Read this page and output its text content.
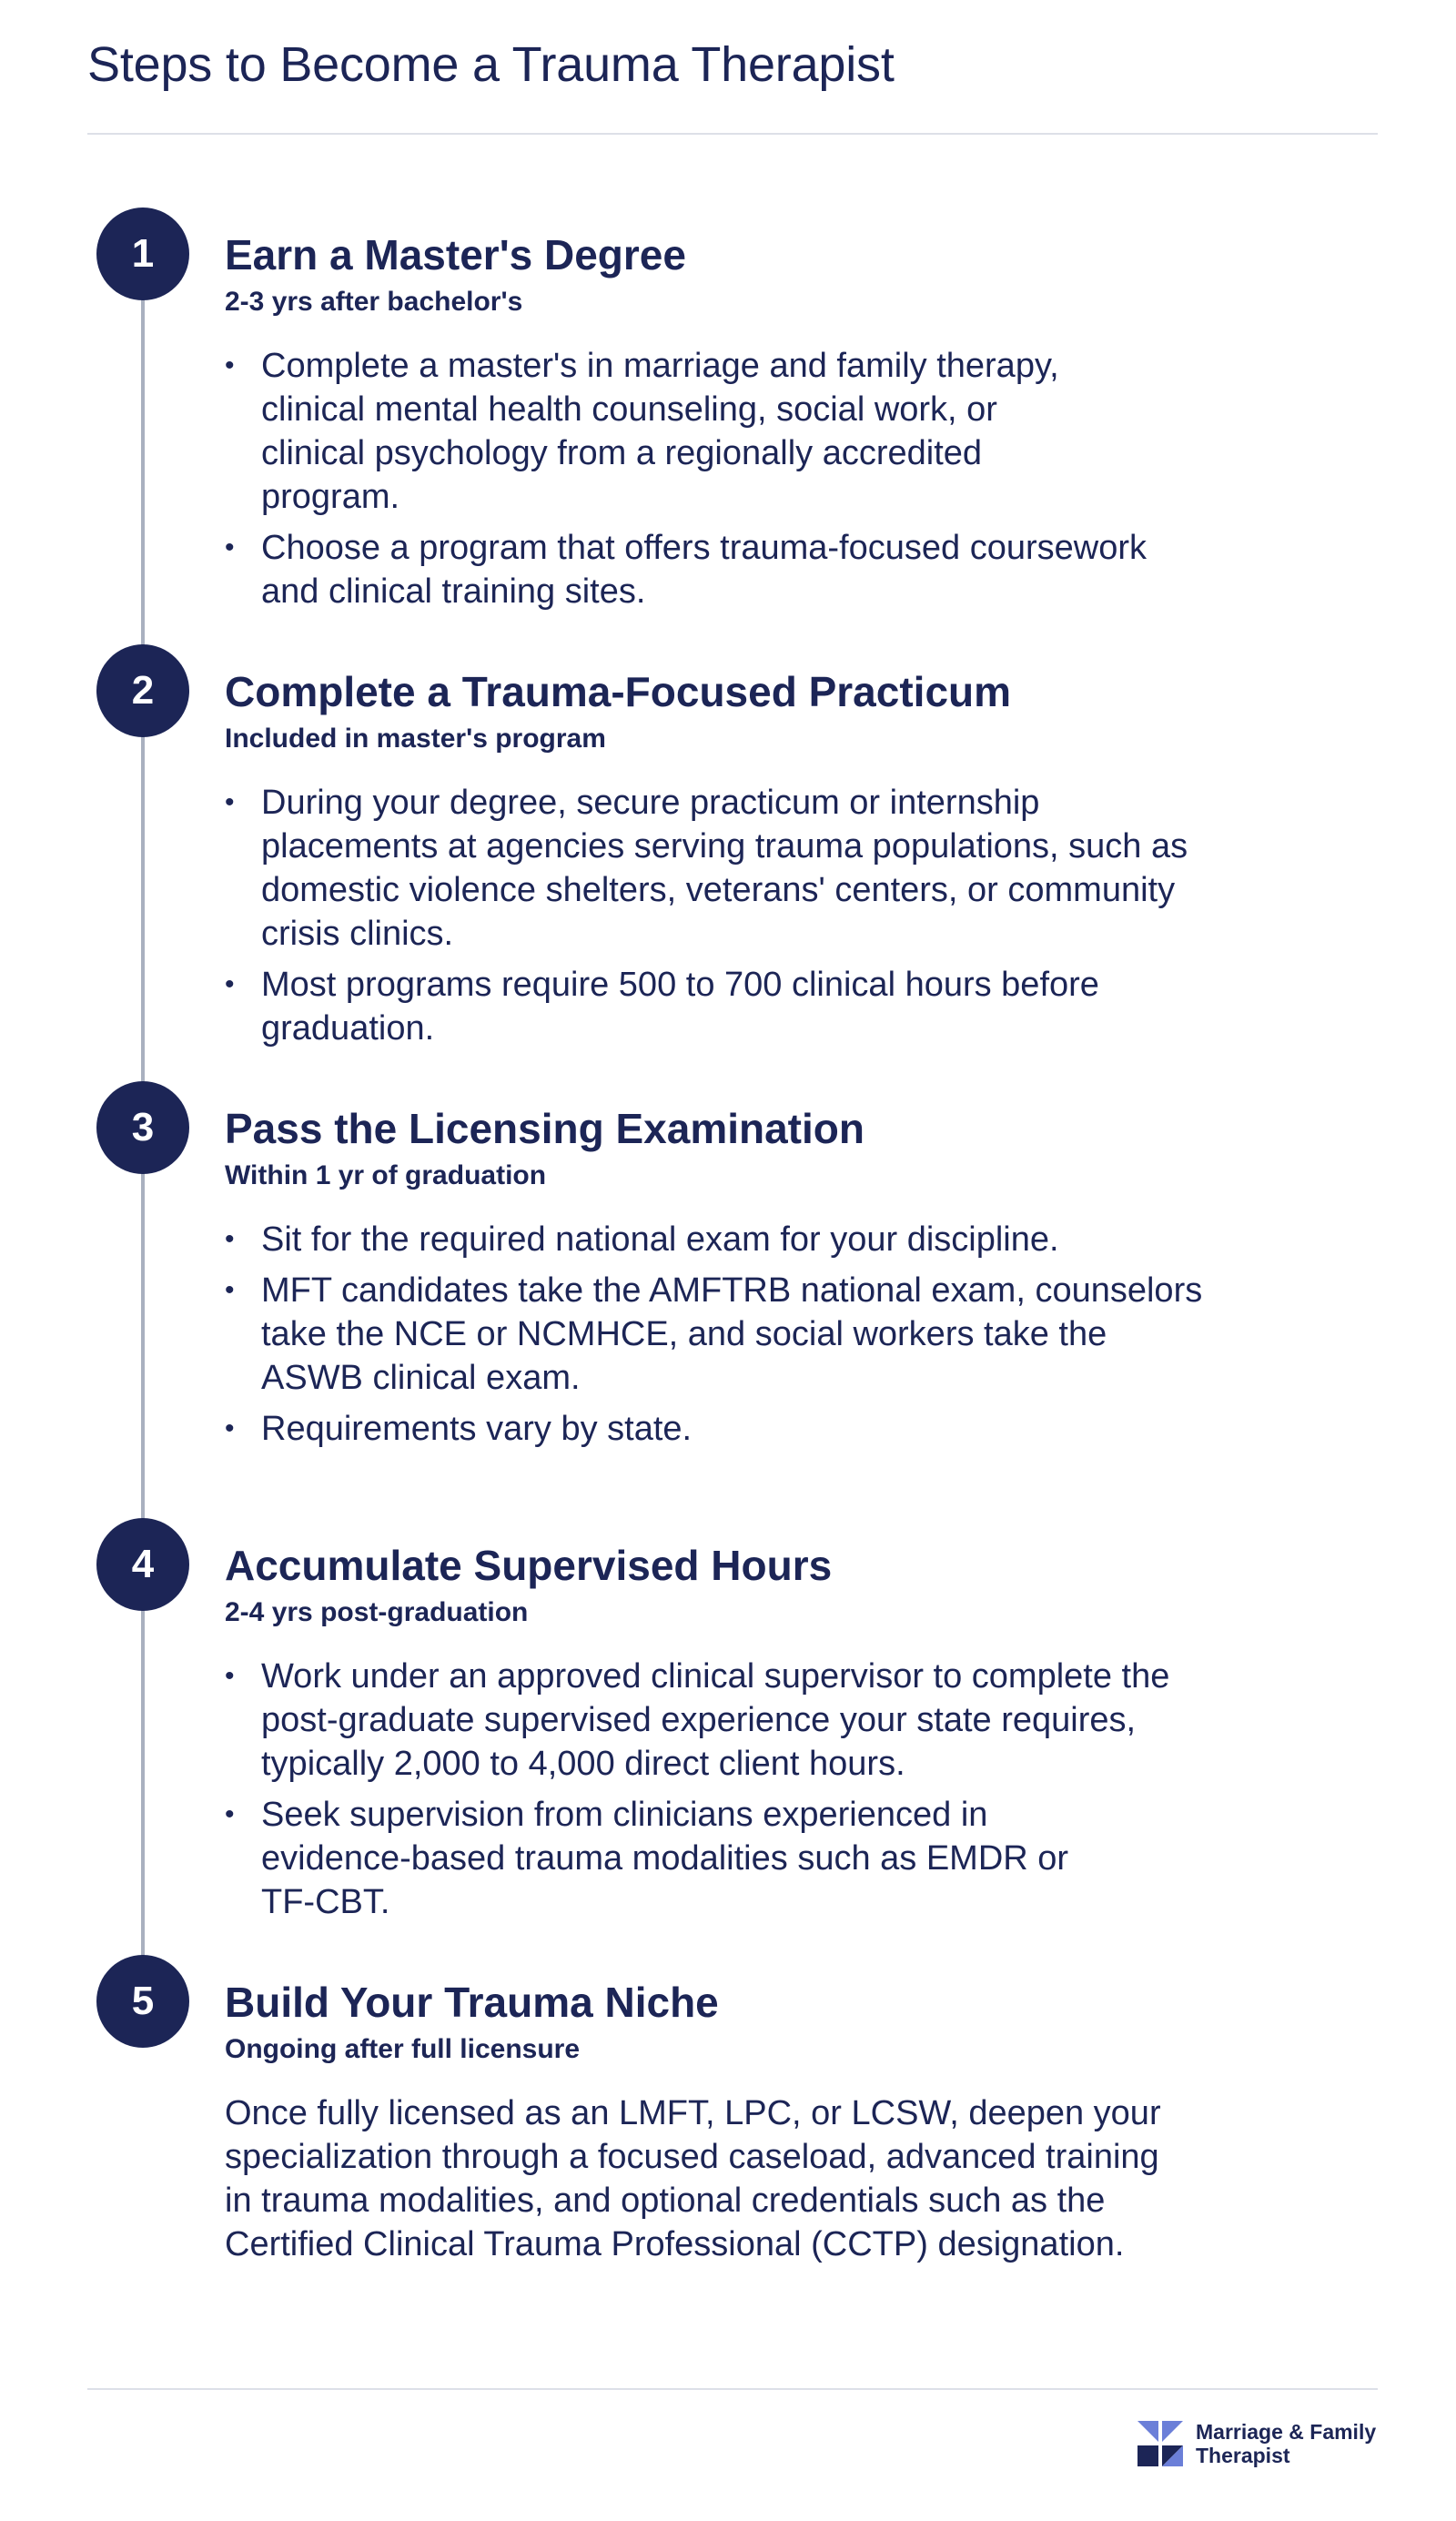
Steps to Become a Trauma Therapist
1	Earn a Master's Degree

2-3 yrs after bachelor's

• Complete a master's in marriage and family therapy, clinical mental health counseling, social work, or clinical psychology from a regionally accredited program.
• Choose a program that offers trauma-focused coursework and clinical training sites.
2	Complete a Trauma-Focused Practicum

Included in master's program

• During your degree, secure practicum or internship placements at agencies serving trauma populations, such as domestic violence shelters, veterans' centers, or community crisis clinics.
• Most programs require 500 to 700 clinical hours before graduation.
3	Pass the Licensing Examination

Within 1 yr of graduation

• Sit for the required national exam for your discipline.
• MFT candidates take the AMFTRB national exam, counselors take the NCE or NCMHCE, and social workers take the ASWB clinical exam.
• Requirements vary by state.
4	Accumulate Supervised Hours

2-4 yrs post-graduation

• Work under an approved clinical supervisor to complete the post-graduate supervised experience your state requires, typically 2,000 to 4,000 direct client hours.
• Seek supervision from clinicians experienced in evidence-based trauma modalities such as EMDR or TF-CBT.
5	Build Your Trauma Niche

Ongoing after full licensure

Once fully licensed as an LMFT, LPC, or LCSW, deepen your specialization through a focused caseload, advanced training in trauma modalities, and optional credentials such as the Certified Clinical Trauma Professional (CCTP) designation.

Marriage & Family
Therapist
